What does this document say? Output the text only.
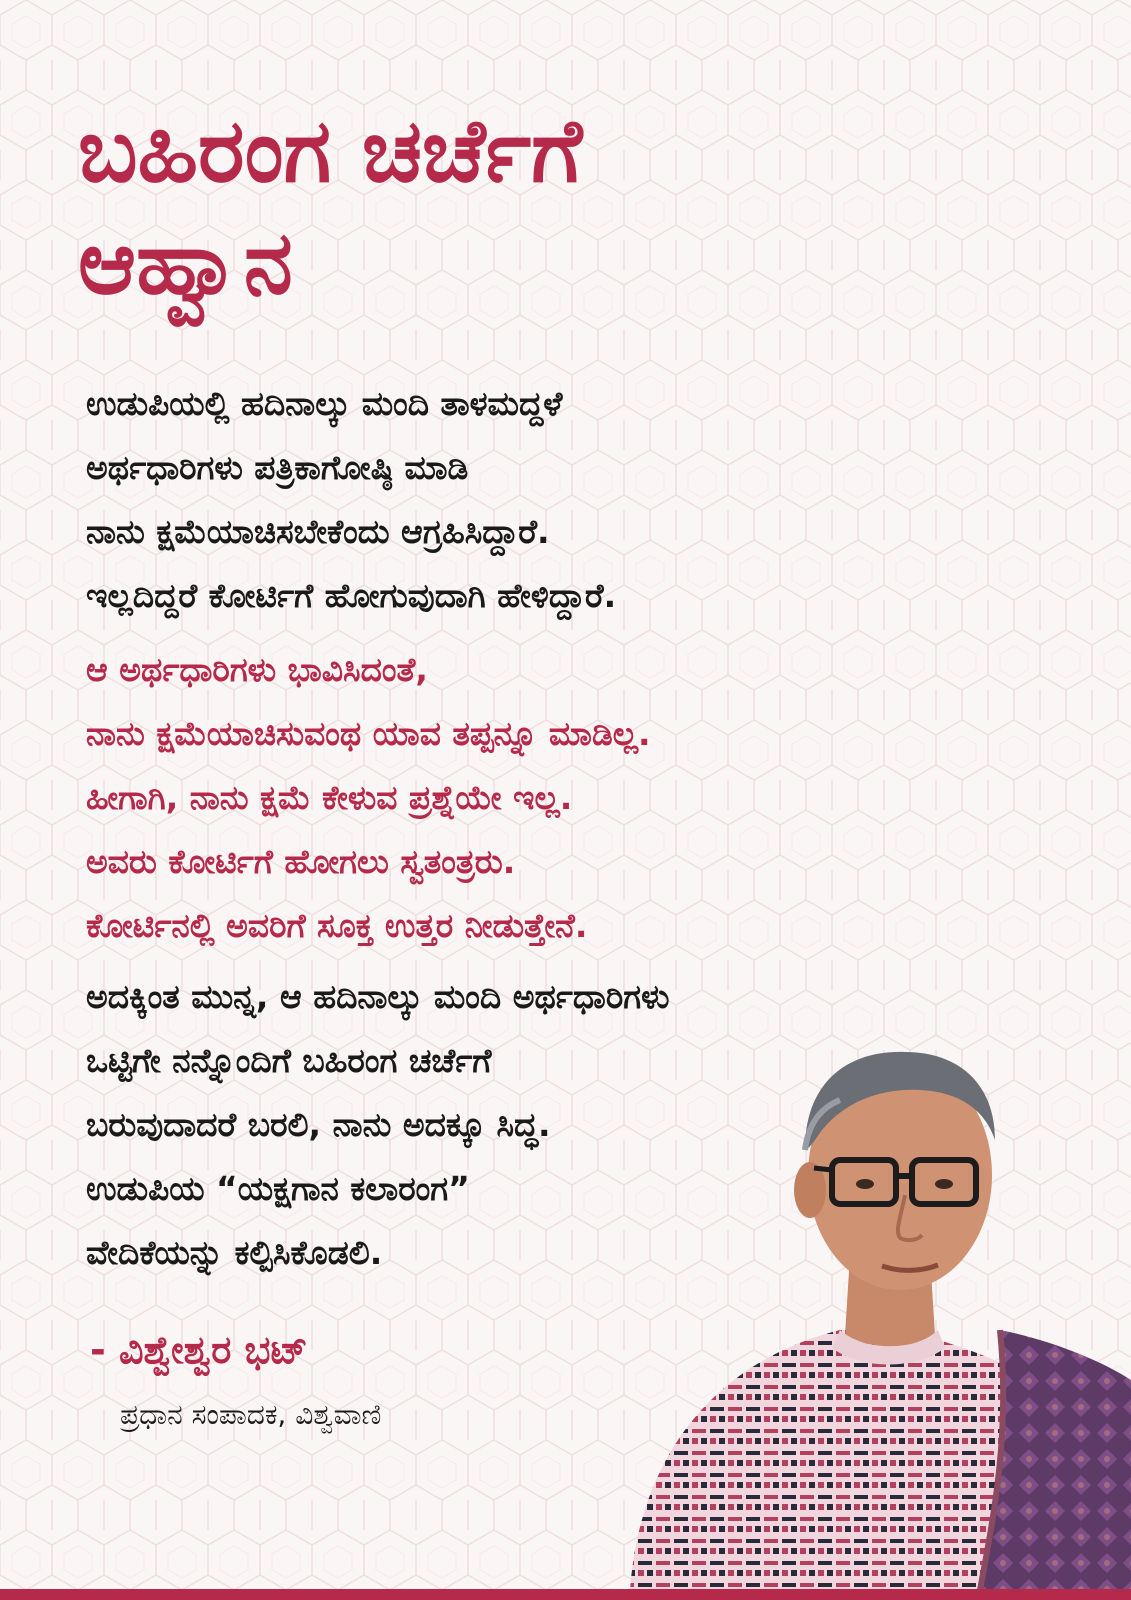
ಬಹಿರಂಗ ಚರ್ಚೆಗೆ
ಆಹ್ವಾನ
ಉಡುಪಿಯಲ್ಲಿ ಹದಿನಾಲ್ಕು ಮಂದಿ ತಾಳಮದ್ದಳೆ
ಅರ್ಥಧಾರಿಗಳು ಪತ್ರಿಕಾಗೋಷ್ಠಿ ಮಾಡಿ
ನಾನು ಕ್ಷಮೆಯಾಚಿಸಬೇಕೆಂದು ಆಗ್ರಹಿಸಿದ್ದಾರೆ.
ಇಲ್ಲದಿದ್ದರೆ ಕೋರ್ಟಿಗೆ ಹೋಗುವುದಾಗಿ ಹೇಳಿದ್ದಾರೆ.
ಆ ಅರ್ಥಧಾರಿಗಳು ಭಾವಿಸಿದಂತೆ,
ನಾನು ಕ್ಷಮೆಯಾಚಿಸುವಂಥ ಯಾವ ತಪ್ಪನ್ನೂ ಮಾಡಿಲ್ಲ.
ಹೀಗಾಗಿ, ನಾನು ಕ್ಷಮೆ ಕೇಳುವ ಪ್ರಶ್ನೆಯೇ ಇಲ್ಲ.
ಅವರು ಕೋರ್ಟಿಗೆ ಹೋಗಲು ಸ್ವತಂತ್ರರು.
ಕೋರ್ಟಿನಲ್ಲಿ ಅವರಿಗೆ ಸೂಕ್ತ ಉತ್ತರ ನೀಡುತ್ತೇನೆ.
ಅದಕ್ಕಿಂತ ಮುನ್ನ, ಆ ಹದಿನಾಲ್ಕು ಮಂದಿ ಅರ್ಥಧಾರಿಗಳು
ಒಟ್ಟಿಗೇ ನನ್ನೊಂದಿಗೆ ಬಹಿರಂಗ ಚರ್ಚೆಗೆ
ಬರುವುದಾದರೆ ಬರಲಿ, ನಾನು ಅದಕ್ಕೂ ಸಿದ್ಧ.
ಉಡುಪಿಯ “ಯಕ್ಷಗಾನ ಕಲಾರಂಗ”
ವೇದಿಕೆಯನ್ನು ಕಲ್ಪಿಸಿಕೊಡಲಿ.
- ವಿಶ್ವೇಶ್ವರ ಭಟ್
ಪ್ರಧಾನ ಸಂಪಾದಕ, ವಿಶ್ವವಾಣಿ
